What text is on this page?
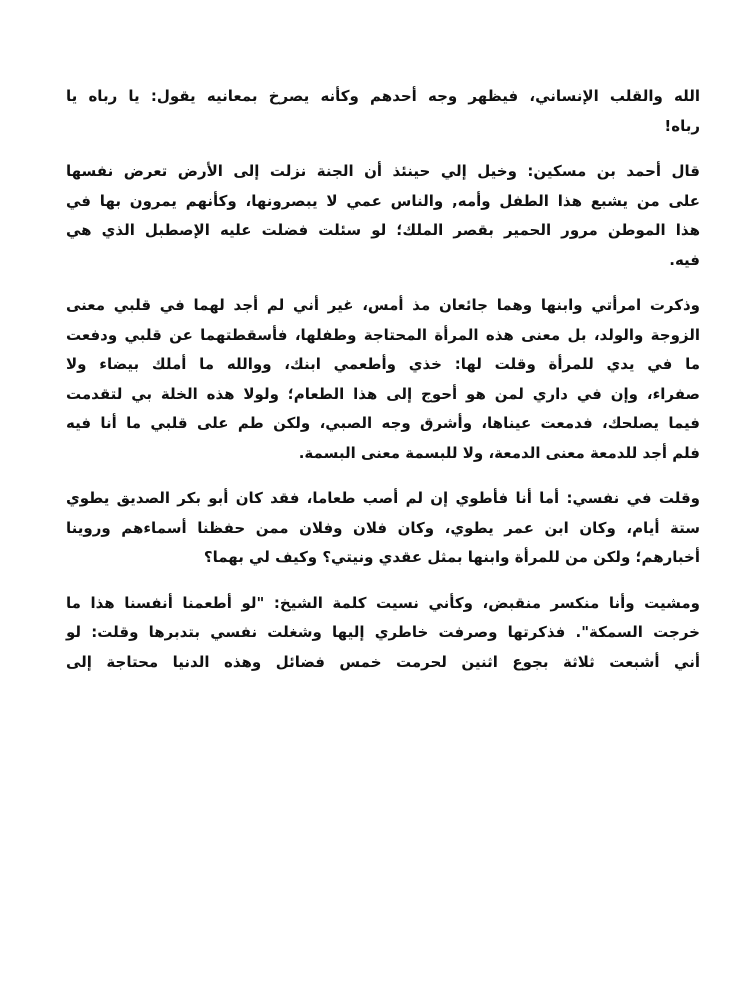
الله والقلب الإنساني، فيظهر وجه أحدهم وكأنه يصرخ بمعانيه يقول: يا رباه يا
رباه!
قال أحمد بن مسكين: وخيل إلي حينئذ أن الجنة نزلت إلى الأرض تعرض نفسها
على من يشبع هذا الطفل وأمه, والناس عمي لا يبصرونها، وكأنهم يمرون بها في
هذا الموطن مرور الحمير بقصر الملك؛ لو سئلت فضلت عليه الإصطبل الذي هي
فيه.
وذكرت امرأتي وابنها وهما جائعان مذ أمس، غير أني لم أجد لهما في قلبي معنى
الزوجة والولد، بل معنى هذه المرأة المحتاجة وطفلها، فأسقطتهما عن قلبي ودفعت
ما في يدي للمرأة وقلت لها: خذي وأطعمي ابنك، ووالله ما أملك بيضاء ولا
صفراء، وإن في داري لمن هو أحوج إلى هذا الطعام؛ ولولا هذه الخلة بي لتقدمت
فيما يصلحك، فدمعت عيناها، وأشرق وجه الصبي، ولكن طم على قلبي ما أنا فيه
فلم أجد للدمعة معنى الدمعة، ولا للبسمة معنى البسمة.
وقلت في نفسي: أما أنا فأطوي إن لم أصب طعاما، فقد كان أبو بكر الصديق يطوي
ستة أيام، وكان ابن عمر يطوي، وكان فلان وفلان ممن حفظنا أسماءهم وروينا
أخبارهم؛ ولكن من للمرأة وابنها بمثل عقدي ونيتي؟ وكيف لي بهما؟
ومشيت وأنا منكسر منقبض، وكأني نسيت كلمة الشيخ: "لو أطعمنا أنفسنا هذا ما
خرجت السمكة". فذكرتها وصرفت خاطري إليها وشغلت نفسي بتدبرها وقلت: لو
أني أشبعت ثلاثة بجوع اثنين لحرمت خمس فضائل وهذه الدنيا محتاجة إلى
